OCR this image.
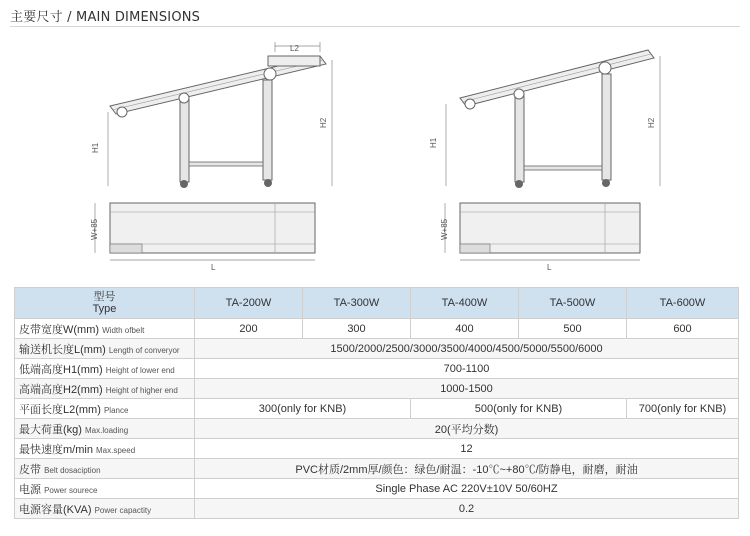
主要尺寸 / MAIN DIMENSIONS
L2
H1
H2
W+85
L
H1
H2
W+85
L
型号
Type	TA-200W	TA-300W	TA-400W	TA-500W	TA-600W
皮带宽度W(mm) Width ofbelt	200	300	400	500	600
输送机长度L(mm) Length of converyor	1500/2000/2500/3000/3500/4000/4500/5000/5500/6000				
低端高度H1(mm) Height of lower end	700-1100				
高端高度H2(mm) Height of higher end	1000-1500				
平面长度L2(mm) Plance	300(only for KNB)		500(only for KNB)		700(only for KNB)
最大荷重(kg) Max.loading	20(平均分数)				
最快速度m/min Max.speed	12				
皮带 Belt dosaciption	PVC材质/2mm厚/颜色：绿色/耐温：-10℃~+80℃/防静电，耐磨，耐油				
电源 Power sourece	Single Phase AC 220V±10V 50/60HZ				
电源容量(KVA) Power capactity	0.2				
